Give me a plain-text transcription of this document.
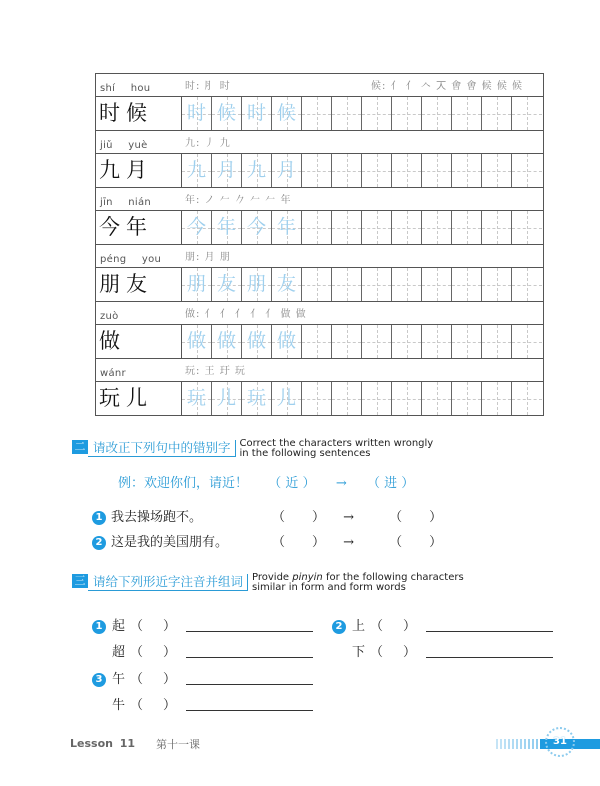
shí hou	时: ⺼ 时	候: 亻 亻 𠆢 𠆣 㑹 㑹 候 候 候
时候	时 候 时 候
jiǔ yuè	九: 丿 九
九月	九 月 九 月
jīn nián	年: ノ 𠂉 𠂊 𠂉 𠂉 年
今年	今 年 今 年
péng you	朋: 月 朋
朋友	朋 友 朋 友
zuò	做: 亻 亻 亻 亻 亻 做 做
做	做 做 做 做
wánr	玩: 王 玗 玩
玩儿	玩 儿 玩 儿
二 请改正下列句中的错别字 Correct the characters written wrongly
in the following sentences
例：欢迎你们，请近！ （ 近 ） → （ 进 ）
1 我去操场跑不。	（ ） →	（ ）
2 这是我的美国朋有。	（ ） →	（ ）
三 请给下列形近字注音并组词 Provide pinyin for the following characters
similar in form and form words
1 起 （ ）
超 （ ）
2 上 （ ）
下 （ ）
3 午 （ ）
牛 （ ）
Lesson 11 第十一课	31
